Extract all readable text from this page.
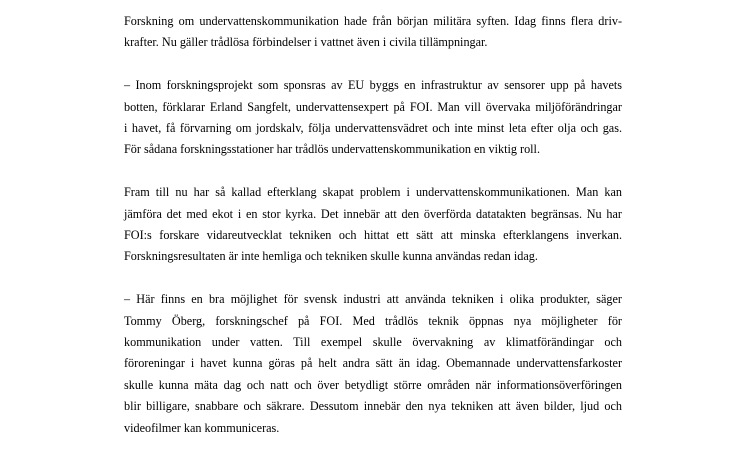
Forskning om undervattenskommunikation hade från början militära syften. Idag finns flera driv-
krafter. Nu gäller trådlösa förbindelser i vattnet även i civila tillämpningar.

– Inom forskningsprojekt som sponsras av EU byggs en infrastruktur av sensorer upp på havets
botten, förklarar Erland Sangfelt, undervattensexpert på FOI. Man vill övervaka miljöförändringar
i havet, få förvarning om jordskalv, följa undervattensvädret och inte minst leta efter olja och gas.
För sådana forskningsstationer har trådlös undervattenskommunikation en viktig roll.

Fram till nu har så kallad efterklang skapat problem i undervattenskommunikationen. Man kan
jämföra det med ekot i en stor kyrka. Det innebär att den överförda datatakten begränsas. Nu har
FOI:s forskare vidareutvecklat tekniken och hittat ett sätt att minska efterklangens inverkan.
Forskningsresultaten är inte hemliga och tekniken skulle kunna användas redan idag.

– Här finns en bra möjlighet för svensk industri att använda tekniken i olika produkter, säger
Tommy Öberg, forskningschef på FOI. Med trådlös teknik öppnas nya möjligheter för
kommunikation under vatten. Till exempel skulle övervakning av klimatförändingar och
föroreningar i havet kunna göras på helt andra sätt än idag. Obemannade undervattensfarkoster
skulle kunna mäta dag och natt och över betydligt större områden när informationsöverföringen
blir billigare, snabbare och säkrare. Dessutom innebär den nya tekniken att även bilder, ljud och
videofilmer kan kommuniceras.
